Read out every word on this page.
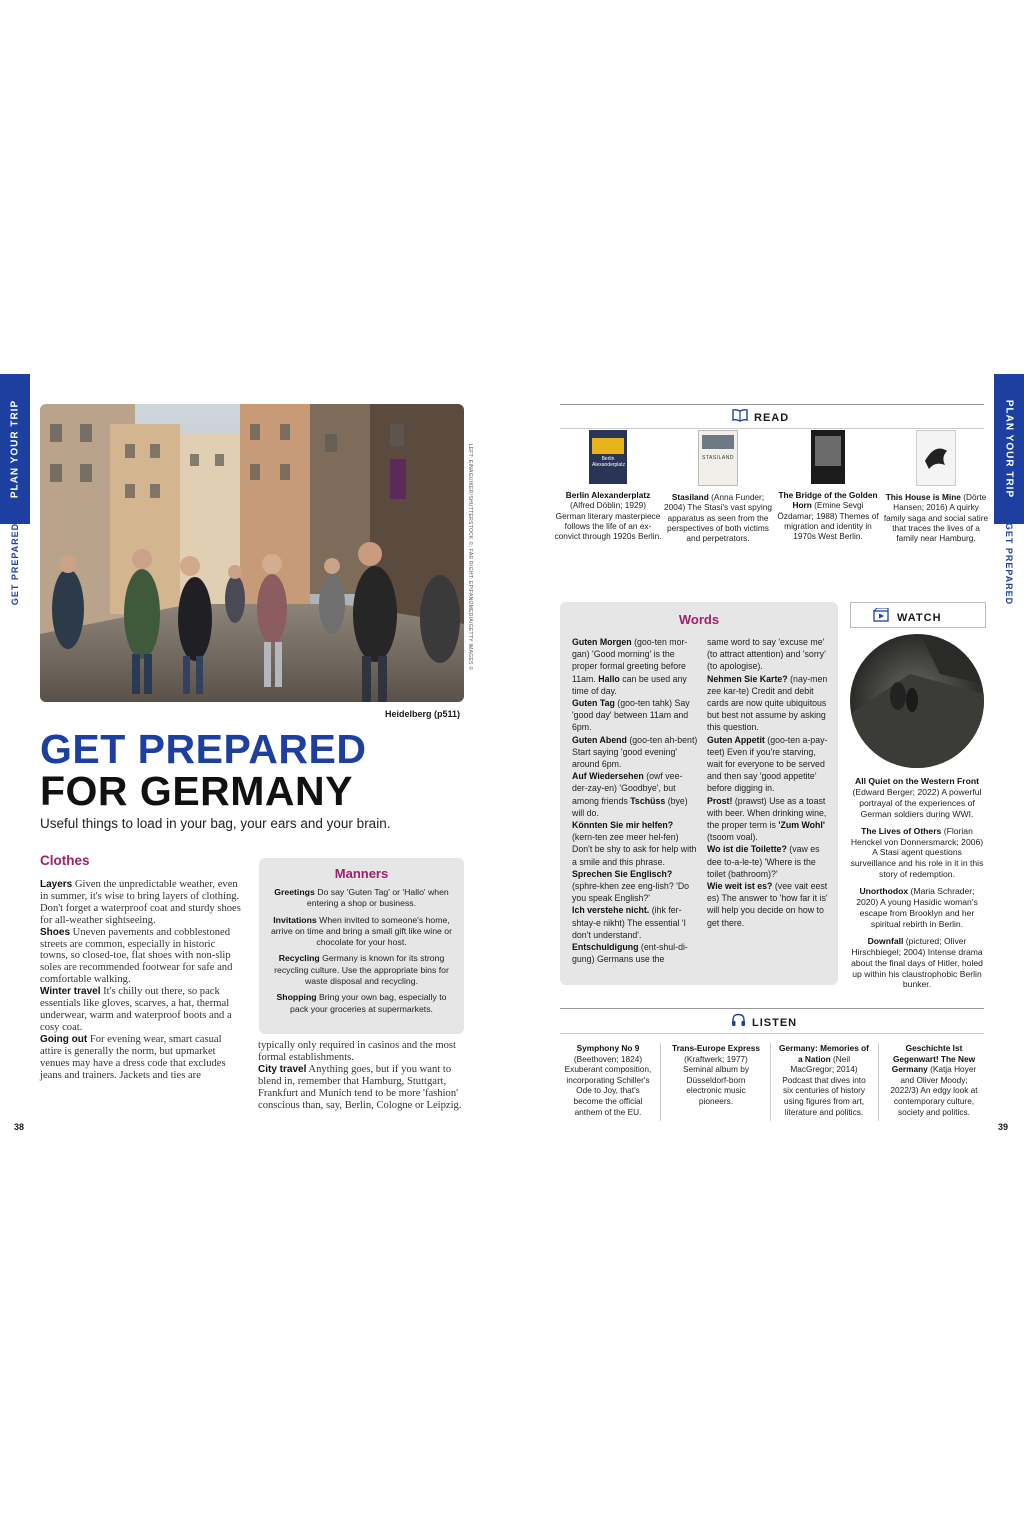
PLAN YOUR TRIP
GET PREPARED
PLAN YOUR TRIP
GET PREPARED
LEFT: EINAGUIKER/SHUTTERSTOCK ©; FAR RIGHT: EPIFANOMEDIA/GETTY IMAGES ©
Heidelberg (p511)
GET PREPARED
FOR GERMANY
Useful things to load in your bag, your ears and your brain.
Clothes
Layers Given the unpredictable weather, even in summer, it's wise to bring layers of clothing. Don't forget a waterproof coat and sturdy shoes for all-weather sightseeing.
Shoes Uneven pavements and cobblestoned streets are common, especially in historic towns, so closed-toe, flat shoes with non-slip soles are recommended footwear for safe and comfortable walking.
Winter travel It's chilly out there, so pack essentials like gloves, scarves, a hat, thermal underwear, warm and waterproof boots and a cosy coat.
Going out For evening wear, smart casual attire is generally the norm, but upmarket venues may have a dress code that excludes jeans and trainers. Jackets and ties are
typically only required in casinos and the most formal establishments.
City travel Anything goes, but if you want to blend in, remember that Hamburg, Stuttgart, Frankfurt and Munich tend to be more 'fashion' conscious than, say, Berlin, Cologne or Leipzig.
Manners
Greetings Do say 'Guten Tag' or 'Hallo' when entering a shop or business.
Invitations When invited to someone's home, arrive on time and bring a small gift like wine or chocolate for your host.
Recycling Germany is known for its strong recycling culture. Use the appropriate bins for waste disposal and recycling.
Shopping Bring your own bag, especially to pack your groceries at supermarkets.
38	39
READ
Berlin Alexanderplatz
Berlin Alexanderplatz (Alfred Döblin; 1929) German literary masterpiece follows the life of an ex-convict through 1920s Berlin.
STASILAND
Stasiland (Anna Funder; 2004) The Stasi's vast spying apparatus as seen from the perspectives of both victims and perpetrators.
The Bridge of the Golden Horn (Emine Sevgi Özdamar; 1988) Themes of migration and identity in 1970s West Berlin.
This House is Mine (Dörte Hansen; 2016) A quirky family saga and social satire that traces the lives of a family near Hamburg.
Words
Guten Morgen (goo-ten mor-gan) 'Good morning' is the proper formal greeting before 11am. Hallo can be used any time of day.
Guten Tag (goo-ten tahk) Say 'good day' between 11am and 6pm.
Guten Abend (goo-ten ah-bent) Start saying 'good evening' around 6pm.
Auf Wiedersehen (owf vee-der-zay-en) 'Goodbye', but among friends Tschüss (byе) will do.
Könnten Sie mir helfen? (kern-ten zee meer hel-fen) Don't be shy to ask for help with a smile and this phrase.
Sprechen Sie Englisch? (sphre-khen zee eng-lish? 'Do you speak English?'
Ich verstehe nicht. (ihk fer-shtay-e nikht) The essential 'I don't understand'.
Entschuldigung (ent-shul-di-gung) Germans use the
same word to say 'excuse me' (to attract attention) and 'sorry' (to apologise).
Nehmen Sie Karte? (nay-men zee kar-te) Credit and debit cards are now quite ubiquitous but best not assume by asking this question.
Guten Appetit (goo-ten a-pay-teet) Even if you're starving, wait for everyone to be served and then say 'good appetite' before digging in.
Prost! (prawst) Use as a toast with beer. When drinking wine, the proper term is 'Zum Wohl' (tsoom voal).
Wo ist die Toilette? (vaw es dee to-a-le-te) 'Where is the toilet (bathroom)?'
Wie weit ist es? (vee vait eest es) The answer to 'how far it is' will help you decide on how to get there.
WATCH
All Quiet on the Western Front (Edward Berger; 2022) A powerful portrayal of the experiences of German soldiers during WWI.
The Lives of Others (Florian Henckel von Donnersmarck; 2006) A Stasi agent questions surveillance and his role in it in this story of redemption.
Unorthodox (Maria Schrader; 2020) A young Hasidic woman's escape from Brooklyn and her spiritual rebirth in Berlin.
Downfall (pictured; Oliver Hirschbiegel; 2004) Intense drama about the final days of Hitler, holed up within his claustrophobic Berlin bunker.
LISTEN
Symphony No 9 (Beethoven; 1824) Exuberant composition, incorporating Schiller's Ode to Joy, that's become the official anthem of the EU.
Trans-Europe Express (Kraftwerk; 1977) Seminal album by Düsseldorf-born electronic music pioneers.
Germany: Memories of a Nation (Neil MacGregor; 2014) Podcast that dives into six centuries of history using figures from art, literature and politics.
Geschichte Ist Gegenwart! The New Germany (Katja Hoyer and Oliver Moody; 2022/3) An edgy look at contemporary culture, society and politics.
